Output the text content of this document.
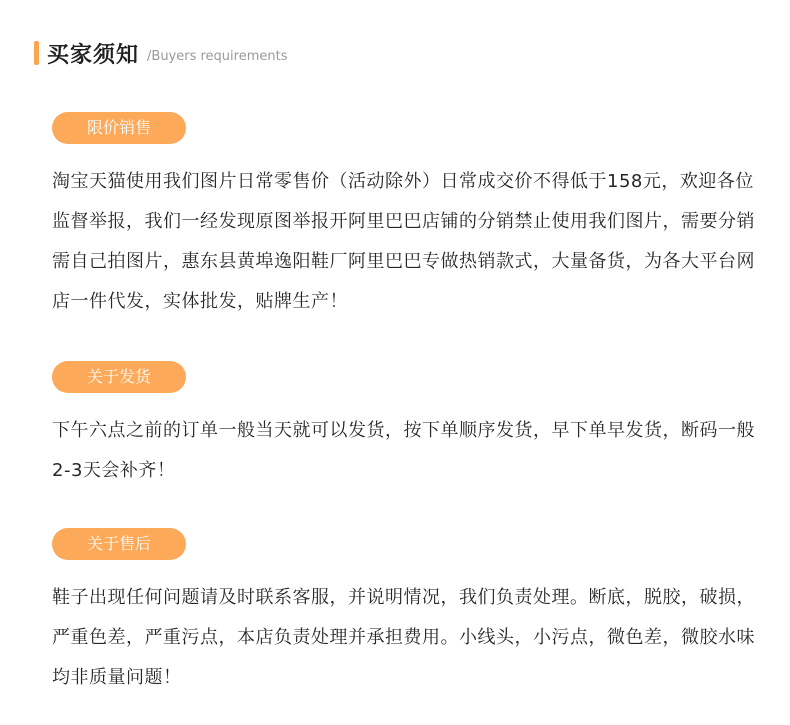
买家须知 /Buyers requirements
限价销售
淘宝天猫使用我们图片日常零售价（活动除外）日常成交价不得低于158元，欢迎各位
监督举报，我们一经发现原图举报开阿里巴巴店铺的分销禁止使用我们图片，需要分销
需自己拍图片，惠东县黄埠逸阳鞋厂阿里巴巴专做热销款式，大量备货，为各大平台网
店一件代发，实体批发，贴牌生产！
关于发货
下午六点之前的订单一般当天就可以发货，按下单顺序发货，早下单早发货，断码一般
2-3天会补齐！
关于售后
鞋子出现任何问题请及时联系客服，并说明情况，我们负责处理。断底，脱胶，破损，
严重色差，严重污点，本店负责处理并承担费用。小线头，小污点，微色差，微胶水味
均非质量问题！
